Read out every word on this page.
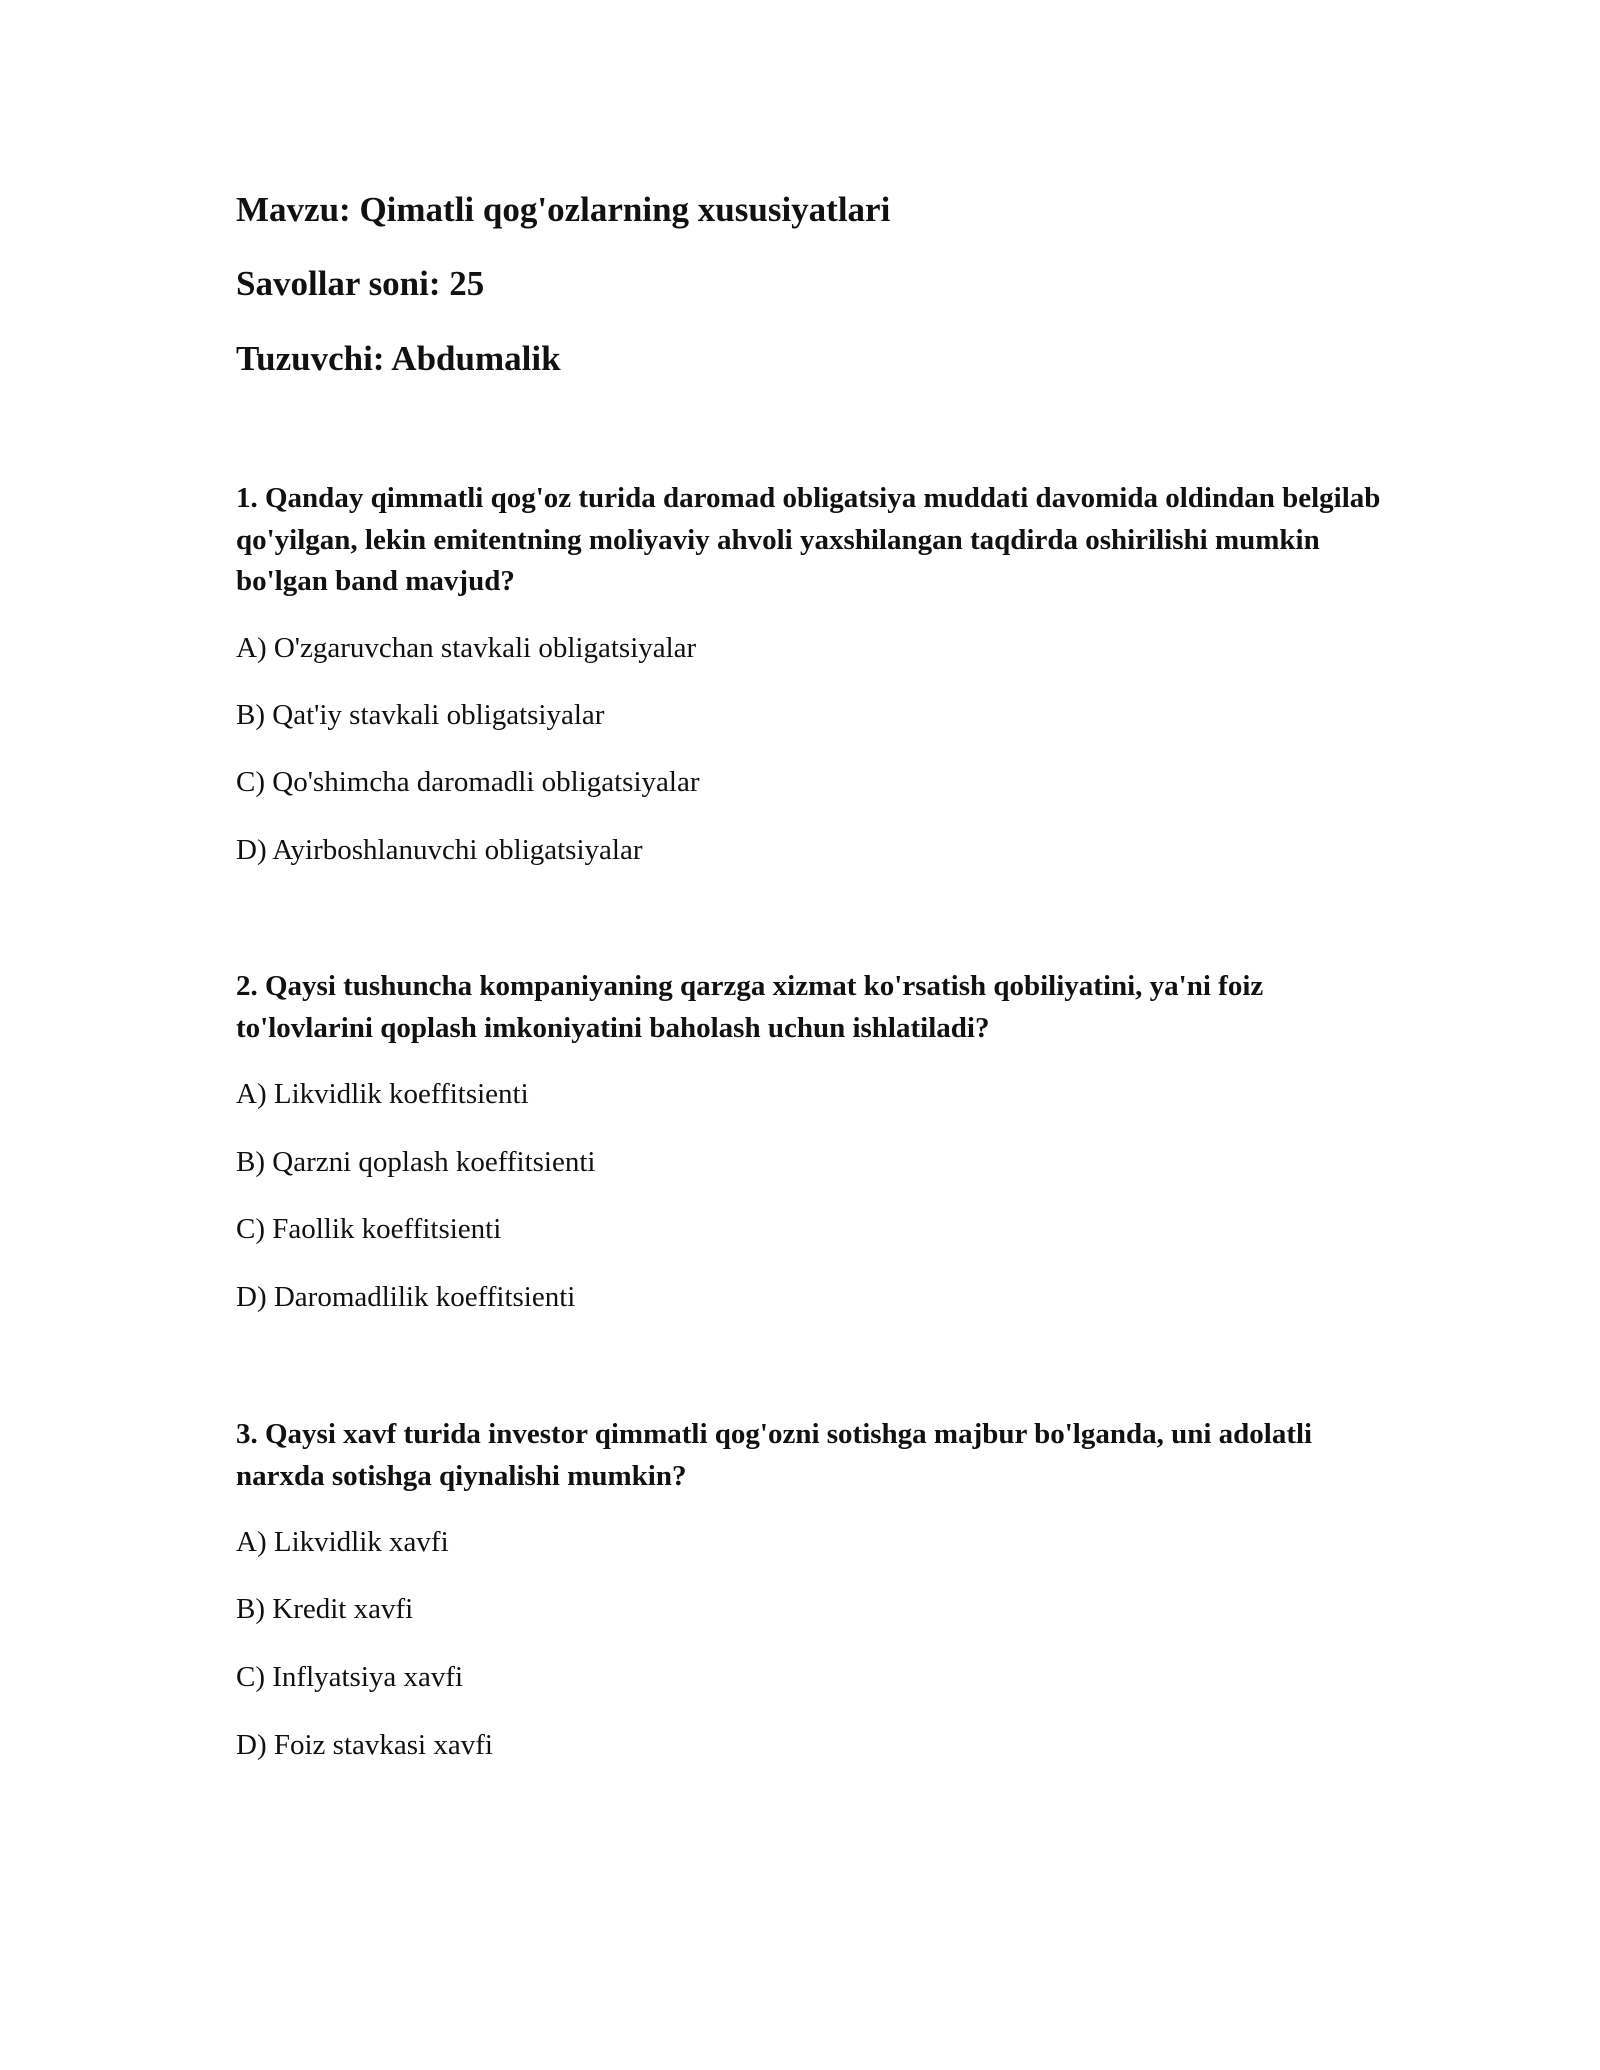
Mavzu: Qimatli qog'ozlarning xususiyatlari
Savollar soni: 25
Tuzuvchi: Abdumalik

1. Qanday qimmatli qog'oz turida daromad obligatsiya muddati davomida oldindan belgilab qo'yilgan, lekin emitentning moliyaviy ahvoli yaxshilangan taqdirda oshirilishi mumkin bo'lgan band mavjud?

A) O'zgaruvchan stavkali obligatsiyalar
B) Qat'iy stavkali obligatsiyalar
C) Qo'shimcha daromadli obligatsiyalar
D) Ayirboshlanuvchi obligatsiyalar

2. Qaysi tushuncha kompaniyaning qarzga xizmat ko'rsatish qobiliyatini, ya'ni foiz to'lovlarini qoplash imkoniyatini baholash uchun ishlatiladi?

A) Likvidlik koeffitsienti
B) Qarzni qoplash koeffitsienti
C) Faollik koeffitsienti
D) Daromadlilik koeffitsienti

3. Qaysi xavf turida investor qimmatli qog'ozni sotishga majbur bo'lganda, uni adolatli narxda sotishga qiynalishi mumkin?

A) Likvidlik xavfi
B) Kredit xavfi
C) Inflyatsiya xavfi
D) Foiz stavkasi xavfi
